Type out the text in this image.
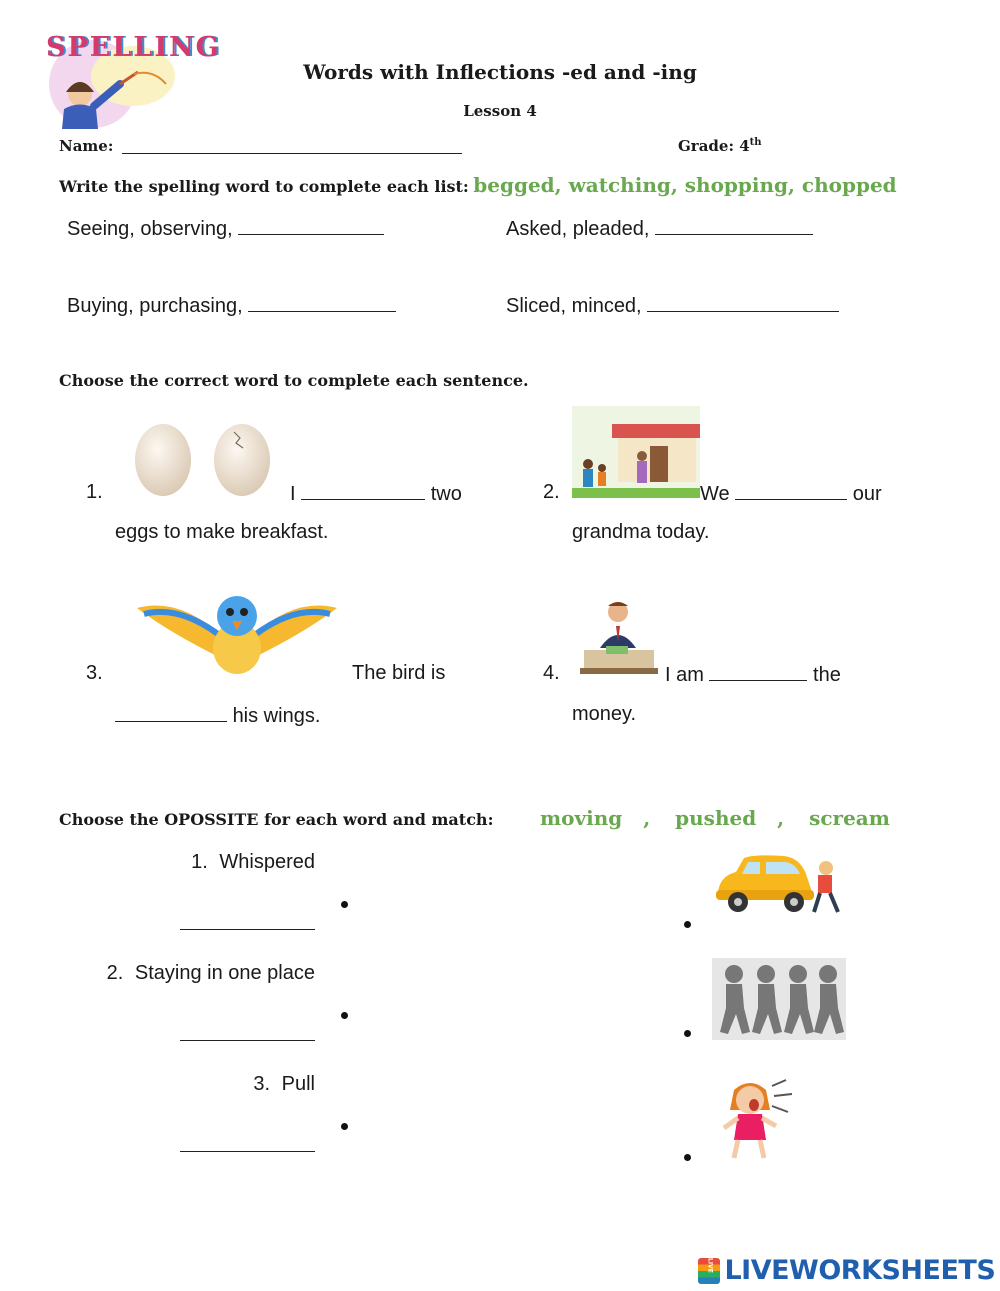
SPELLING
Words with Inflections -ed and -ing
Lesson 4
Name:	Grade: 4th
Write the spelling word to complete each list: begged, watching, shopping, chopped
Seeing, observing,	Asked, pleaded,
Buying, purchasing,	Sliced, minced,
Choose the correct word to complete each sentence.
1.	I	two
eggs to make breakfast.
2.	We	our
grandma today.
3.	The bird is
his wings.
4.	I am	the
money.
Choose the OPOSSITE for each word and match: moving , pushed , scream
1. Whispered
2. Staying in one place
3. Pull
LIVE LIVEWORKSHEETS
